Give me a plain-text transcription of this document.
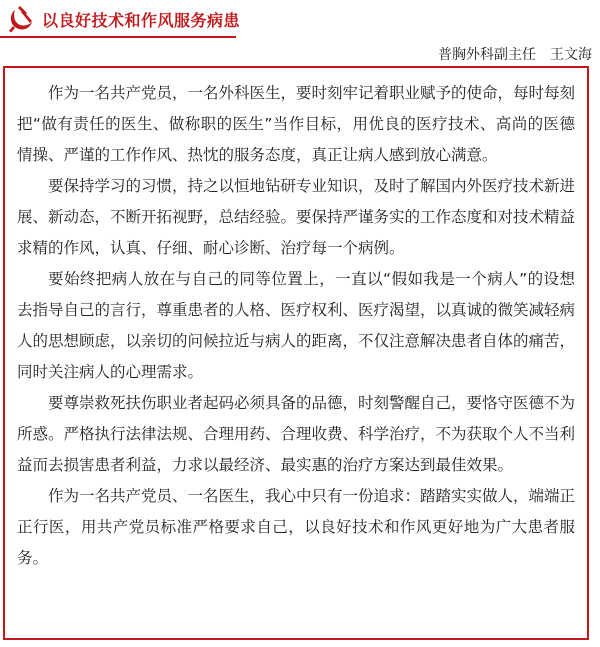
以良好技术和作风服务病患
普胸外科副主任 王文海

作为一名共产党员，一名外科医生，要时刻牢记着职业赋予的使命，每时每刻把“做有责任的医生、做称职的医生”当作目标，用优良的医疗技术、高尚的医德情操、严谨的工作作风、热忱的服务态度，真正让病人感到放心满意。

要保持学习的习惯，持之以恒地钻研专业知识，及时了解国内外医疗技术新进展、新动态，不断开拓视野，总结经验。要保持严谨务实的工作态度和对技术精益求精的作风，认真、仔细、耐心诊断、治疗每一个病例。

要始终把病人放在与自己的同等位置上，一直以“假如我是一个病人”的设想去指导自己的言行，尊重患者的人格、医疗权利、医疗渴望，以真诚的微笑减轻病人的思想顾虑，以亲切的问候拉近与病人的距离，不仅注意解决患者自体的痛苦，同时关注病人的心理需求。

要尊崇救死扶伤职业者起码必须具备的品德，时刻警醒自己，要恪守医德不为所惑。严格执行法律法规、合理用药、合理收费、科学治疗，不为获取个人不当利益而去损害患者利益，力求以最经济、最实惠的治疗方案达到最佳效果。

作为一名共产党员、一名医生，我心中只有一份追求：踏踏实实做人，端端正正行医，用共产党员标准严格要求自己，以良好技术和作风更好地为广大患者服务。
